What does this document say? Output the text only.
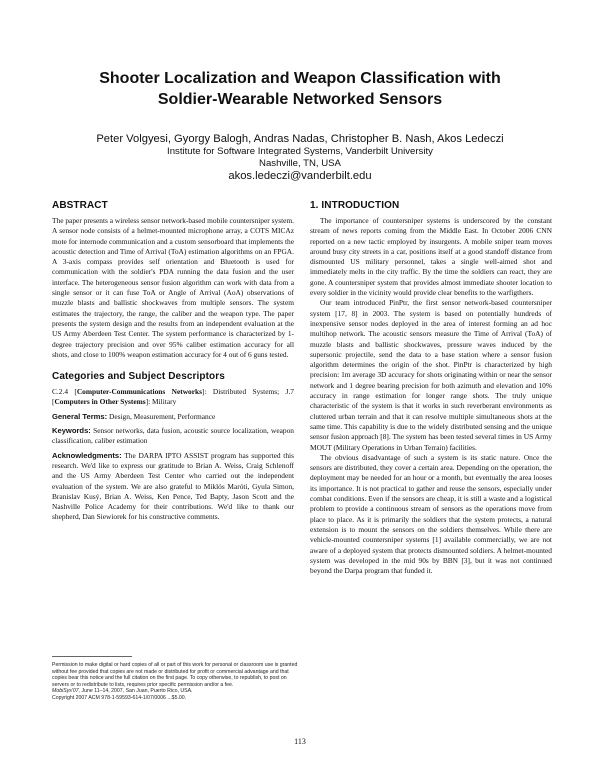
Shooter Localization and Weapon Classification with
Soldier-Wearable Networked Sensors
Peter Volgyesi, Gyorgy Balogh, Andras Nadas, Christopher B. Nash, Akos Ledeczi
Institute for Software Integrated Systems, Vanderbilt University
Nashville, TN, USA
akos.ledeczi@vanderbilt.edu
ABSTRACT

The paper presents a wireless sensor network-based mobile countersniper system. A sensor node consists of a helmet-mounted microphone array, a COTS MICAz mote for internode communication and a custom sensorboard that implements the acoustic detection and Time of Arrival (ToA) estimation algorithms on an FPGA. A 3-axis compass provides self orientation and Bluetooth is used for communication with the soldier's PDA running the data fusion and the user interface. The heterogeneous sensor fusion algorithm can work with data from a single sensor or it can fuse ToA or Angle of Arrival (AoA) observations of muzzle blasts and ballistic shockwaves from multiple sensors. The system estimates the trajectory, the range, the caliber and the weapon type. The paper presents the system design and the results from an independent evaluation at the US Army Aberdeen Test Center. The system performance is characterized by 1-degree trajectory precision and over 95% caliber estimation accuracy for all shots, and close to 100% weapon estimation accuracy for 4 out of 6 guns tested.

Categories and Subject Descriptors

C.2.4 [Computer-Communications Networks]: Distributed Systems; J.7 [Computers in Other Systems]: Military

General Terms: Design, Measurement, Performance

Keywords: Sensor networks, data fusion, acoustic source localization, weapon classification, caliber estimation

Acknowledgments: The DARPA IPTO ASSIST program has supported this research. We'd like to express our gratitude to Brian A. Weiss, Craig Schlenoff and the US Army Aberdeen Test Center who carried out the independent evaluation of the system. We are also grateful to Miklós Maróti, Gyula Simon, Branislav Kusý, Brian A. Weiss, Ken Pence, Ted Bapty, Jason Scott and the Nashville Police Academy for their contributions. We'd like to thank our shepherd, Dan Siewiorek for his constructive comments.

Permission to make digital or hard copies of all or part of this work for personal or classroom use is granted without fee provided that copies are not made or distributed for profit or commercial advantage and that copies bear this notice and the full citation on the first page. To copy otherwise, to republish, to post on servers or to redistribute to lists, requires prior specific permission and/or a fee.
MobiSys'07, June 11–14, 2007, San Juan, Puerto Rico, USA.
Copyright 2007 ACM 978-1-59593-614-1/07/0006 ...$5.00.
1. INTRODUCTION

The importance of countersniper systems is underscored by the constant stream of news reports coming from the Middle East. In October 2006 CNN reported on a new tactic employed by insurgents. A mobile sniper team moves around busy city streets in a car, positions itself at a good standoff distance from dismounted US military personnel, takes a single well-aimed shot and immediately melts in the city traffic. By the time the soldiers can react, they are gone. A countersniper system that provides almost immediate shooter location to every soldier in the vicinity would provide clear benefits to the warfigthers.

Our team introduced PinPtr, the first sensor network-based countersniper system [17, 8] in 2003. The system is based on potentially hundreds of inexpensive sensor nodes deployed in the area of interest forming an ad hoc multihop network. The acoustic sensors measure the Time of Arrival (ToA) of muzzle blasts and ballistic shockwaves, pressure waves induced by the supersonic projectile, send the data to a base station where a sensor fusion algorithm determines the origin of the shot. PinPtr is characterized by high precision: 1m average 3D accuracy for shots originating within or near the sensor network and 1 degree bearing precision for both azimuth and elevation and 10% accuracy in range estimation for longer range shots. The truly unique characteristic of the system is that it works in such reverberant environments as cluttered urban terrain and that it can resolve multiple simultaneous shots at the same time. This capability is due to the widely distributed sensing and the unique sensor fusion approach [8]. The system has been tested several times in US Army MOUT (Military Operations in Urban Terrain) facilities.

The obvious disadvantage of such a system is its static nature. Once the sensors are distributed, they cover a certain area. Depending on the operation, the deployment may be needed for an hour or a month, but eventually the area looses its importance. It is not practical to gather and reuse the sensors, especially under combat conditions. Even if the sensors are cheap, it is still a waste and a logistical problem to provide a continuous stream of sensors as the operations move from place to place. As it is primarily the soldiers that the system protects, a natural extension is to mount the sensors on the soldiers themselves. While there are vehicle-mounted countersniper systems [1] available commercially, we are not aware of a deployed system that protects dismounted soldiers. A helmet-mounted system was developed in the mid 90s by BBN [3], but it was not continued beyond the Darpa program that funded it.

113
